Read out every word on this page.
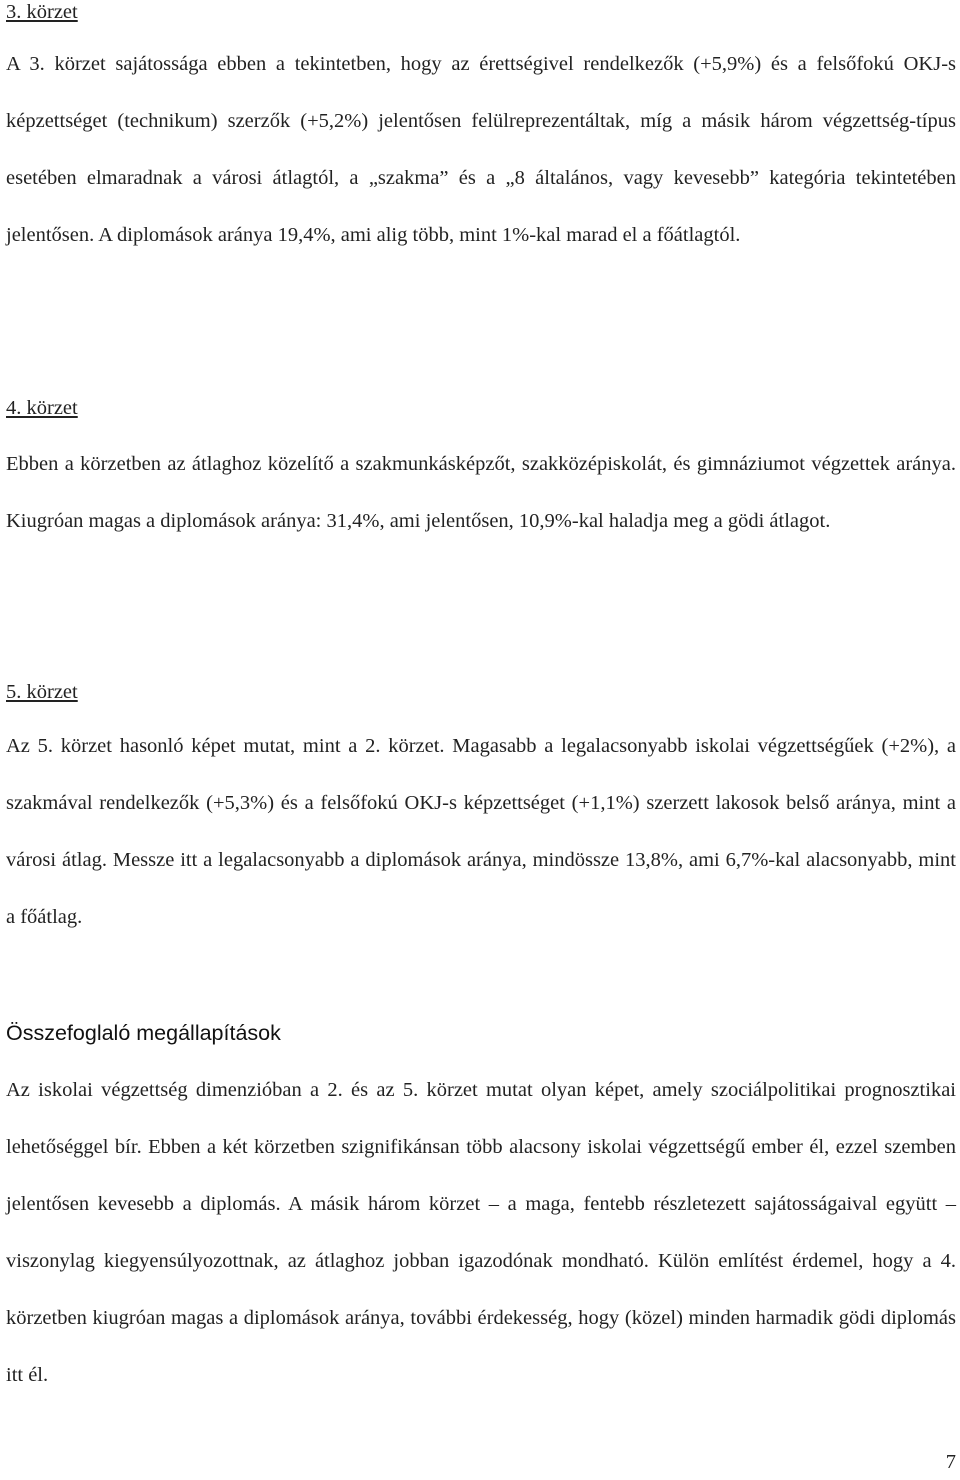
3. körzet

A 3. körzet sajátossága ebben a tekintetben, hogy az érettségivel rendelkezők (+5,9%) és a felsőfokú OKJ-s képzettséget (technikum) szerzők (+5,2%) jelentősen felülreprezentáltak, míg a másik három végzettség-típus esetében elmaradnak a városi átlagtól, a „szakma” és a „8 általános, vagy kevesebb” kategória tekintetében jelentősen. A diplomások aránya 19,4%, ami alig több, mint 1%-kal marad el a főátlagtól.

4. körzet

Ebben a körzetben az átlaghoz közelítő a szakmunkásképzőt, szakközépiskolát, és gimnáziumot végzettek aránya. Kiugróan magas a diplomások aránya: 31,4%, ami jelentősen, 10,9%-kal haladja meg a gödi átlagot.

5. körzet

Az 5. körzet hasonló képet mutat, mint a 2. körzet. Magasabb a legalacsonyabb iskolai végzettségűek (+2%), a szakmával rendelkezők (+5,3%) és a felsőfokú OKJ-s képzettséget (+1,1%) szerzett lakosok belső aránya, mint a városi átlag. Messze itt a legalacsonyabb a diplomások aránya, mindössze 13,8%, ami 6,7%-kal alacsonyabb, mint a főátlag.

Összefoglaló megállapítások

Az iskolai végzettség dimenzióban a 2. és az 5. körzet mutat olyan képet, amely szociálpolitikai prognosztikai lehetőséggel bír. Ebben a két körzetben szignifikánsan több alacsony iskolai végzettségű ember él, ezzel szemben jelentősen kevesebb a diplomás. A másik három körzet – a maga, fentebb részletezett sajátosságaival együtt – viszonylag kiegyensúlyozottnak, az átlaghoz jobban igazodónak mondható. Külön említést érdemel, hogy a 4. körzetben kiugróan magas a diplomások aránya, további érdekesség, hogy (közel) minden harmadik gödi diplomás itt él.

7
